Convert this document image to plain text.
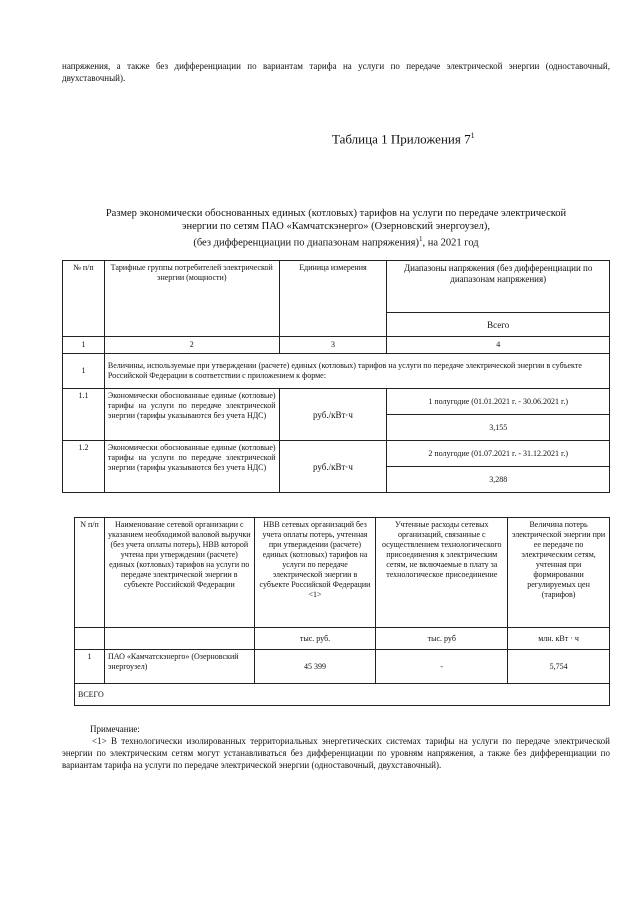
напряжения, а также без дифференциации по вариантам тарифа на услуги по передаче электрической энергии (одноставочный, двухставочный).
Таблица 1 Приложения $7^1$
Размер экономически обоснованных единых (котловых) тарифов на услуги по передаче электрической
энергии по сетям ПАО «Камчатскэнерго» (Озерновский энергоузел),
(без дифференциации по диапазонам напряжения)$^1$, на 2021 год
№ п/п	Тарифные группы потребителей электрической энергии (мощности)	Единица измерения	Диапазоны напряжения (без дифференциации по диапазонам напряжения)
			Всего
1	2	3	4
1	Величины, используемые при утверждении (расчете) единых (котловых) тарифов на услуги по передаче электрической энергии в субъекте Российской Федерации в соответствии с приложением к форме:		
1.1	Экономически обоснованные единые (котловые) тарифы на услуги по передаче электрической энергии (тарифы указываются без учета НДС)	руб./кВт·ч	1 полугодие (01.01.2021 г. - 30.06.2021 г.)
			3,155
1.2	Экономически обоснованные единые (котловые) тарифы на услуги по передаче электрической энергии (тарифы указываются без учета НДС)	руб./кВт·ч	2 полугодие (01.07.2021 г. - 31.12.2021 г.)
			3,288
N п/п	Наименование сетевой организации с указанием необходимой валовой выручки (без учета оплаты потерь), НВВ которой учтена при утверждении (расчете) единых (котловых) тарифов на услуги по передаче электрической энергии в субъекте Российской Федерации	НВВ сетевых организаций без учета оплаты потерь, учтенная при утверждении (расчете) единых (котловых) тарифов на услуги по передаче электрической энергии в субъекте Российской Федерации <1>	Учтенные расходы сетевых организаций, связанные с осуществлением технологического присоединения к электрическим сетям, не включаемые в плату за технологическое присоединение	Величина потерь электрической энергии при ее передаче по электрическим сетям, учтенная при формировании регулируемых цен (тарифов)
		тыс. руб.	тыс. руб	млн. кВт · ч
1	ПАО «Камчатскэнерго» (Озерновский энергоузел)	45 399	-	5,754
ВСЕГО				
Примечание:
<1> В технологически изолированных территориальных энергетических системах тарифы на услуги по передаче электрической энергии по электрическим сетям могут устанавливаться без дифференциации по уровням напряжения, а также без дифференциации по вариантам тарифа на услуги по передаче электрической энергии (одноставочный, двухставочный).
